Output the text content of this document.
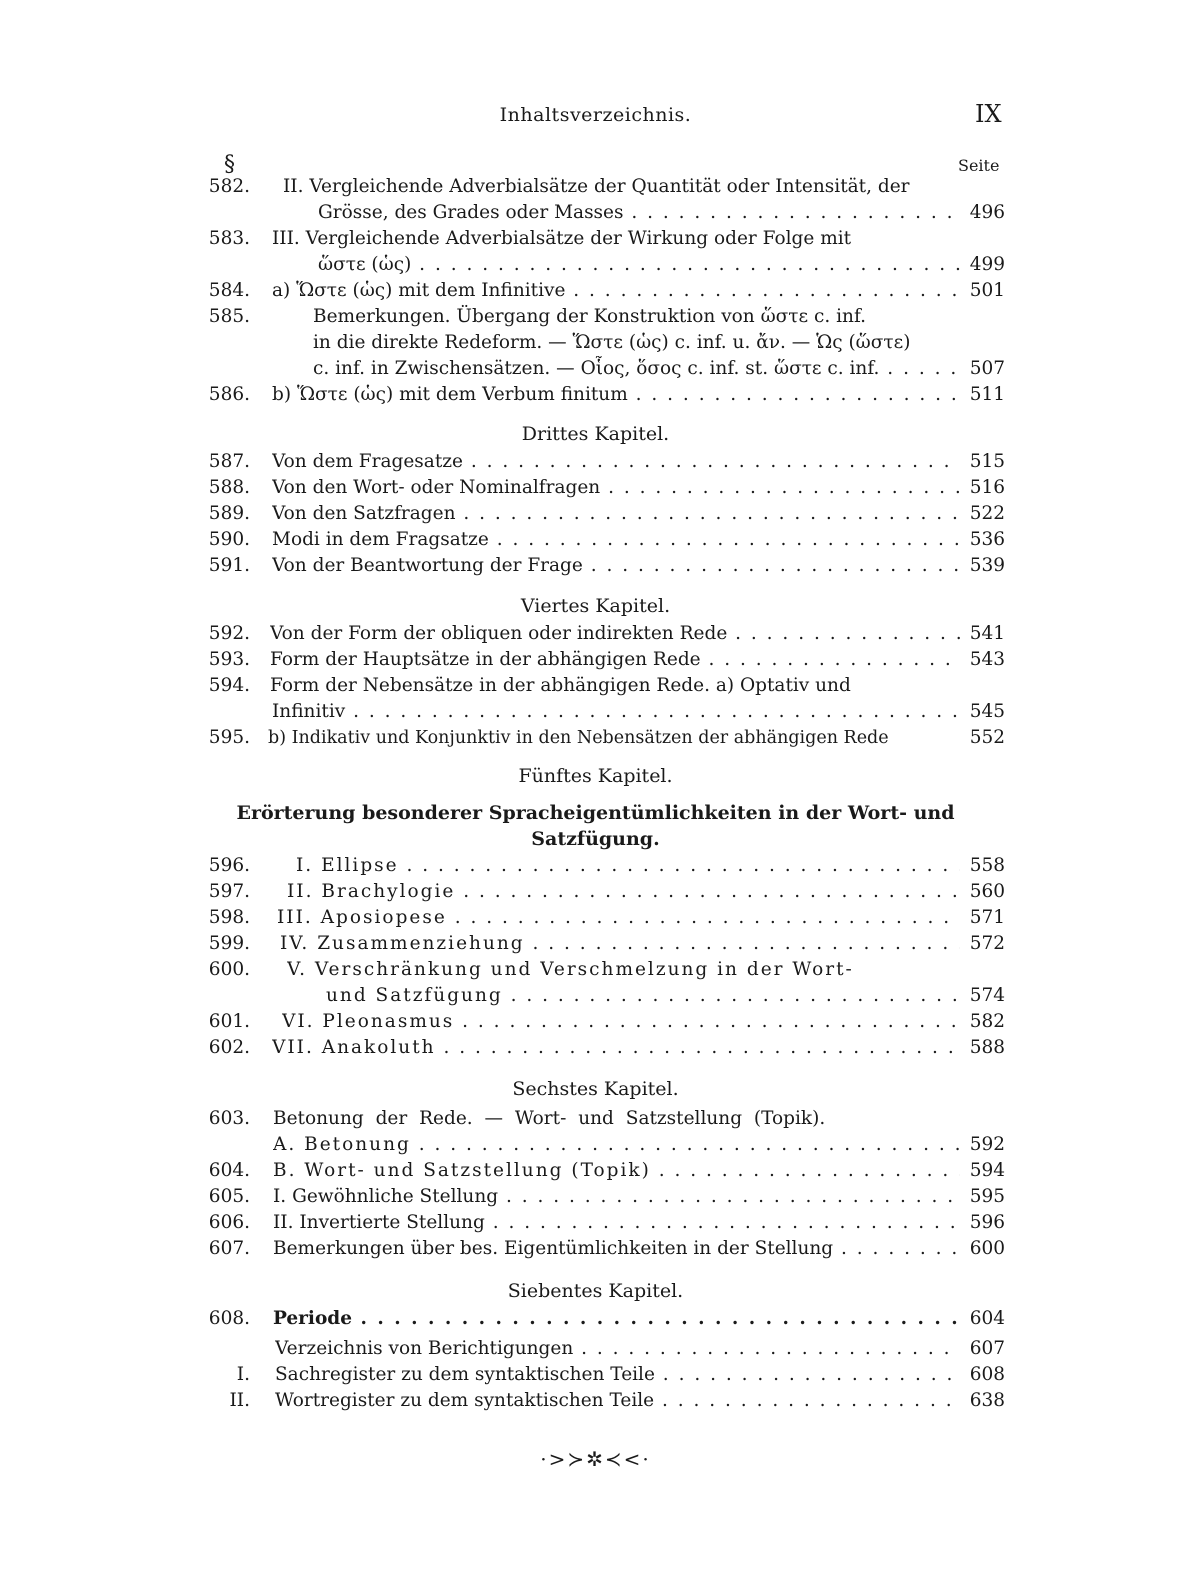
Inhaltsverzeichnis.	IX
§	Seite
582. II. Vergleichende Adverbialsätze der Quantität oder Intensität, der
Grösse, des Grades oder Masses . . .	496
583. III. Vergleichende Adverbialsätze der Wirkung oder Folge mit
ὥστε (ὡς) . . .	499
584. a) Ὥστε (ὡς) mit dem Infinitive . . .	501
585.	Bemerkungen. Übergang der Konstruktion von ὥστε c. inf.
in die direkte Redeform. — Ὥστε (ὡς) c. inf. u. ἄν. — Ὡς (ὥστε)
c. inf. in Zwischensätzen. — Οἷος, ὅσος c. inf. st. ὥστε c. inf. . . .	507
586. b) Ὥστε (ὡς) mit dem Verbum finitum . . .	511
Drittes Kapitel.
587. Von dem Fragesatze . . .	515
588. Von den Wort- oder Nominalfragen . . .	516
589. Von den Satzfragen . . .	522
590. Modi in dem Fragsatze . . .	536
591. Von der Beantwortung der Frage . . .	539
Viertes Kapitel.
592. Von der Form der obliquen oder indirekten Rede . . .	541
593. Form der Hauptsätze in der abhängigen Rede . . .	543
594. Form der Nebensätze in der abhängigen Rede. a) Optativ und
Infinitiv . . .	545
595. b) Indikativ und Konjunktiv in den Nebensätzen der abhängigen Rede	552
Fünftes Kapitel.
Erörterung besonderer Spracheigentümlichkeiten in der Wort- und
Satzfügung.
596. I. Ellipse . . .	558
597. II. Brachylogie . . .	560
598. III. Aposiopese . . .	571
599. IV. Zusammenziehung . . .	572
600. V. Verschränkung und Verschmelzung in der Wort-
und Satzfügung . . .	574
601. VI. Pleonasmus . . .	582
602. VII. Anakoluth . . .	588
Sechstes Kapitel.
603. Betonung der Rede. — Wort- und Satzstellung (Topik).
A. Betonung . . .	592
604. B. Wort- und Satzstellung (Topik) . . .	594
605. I. Gewöhnliche Stellung . . .	595
606. II. Invertierte Stellung . . .	596
607. Bemerkungen über bes. Eigentümlichkeiten in der Stellung . . .	600
Siebentes Kapitel.
608. Periode . . .	604
Verzeichnis von Berichtigungen . . .	607
I. Sachregister zu dem syntaktischen Teile . . .	608
II. Wortregister zu dem syntaktischen Teile . . .	638
·>≻✲≺<·
